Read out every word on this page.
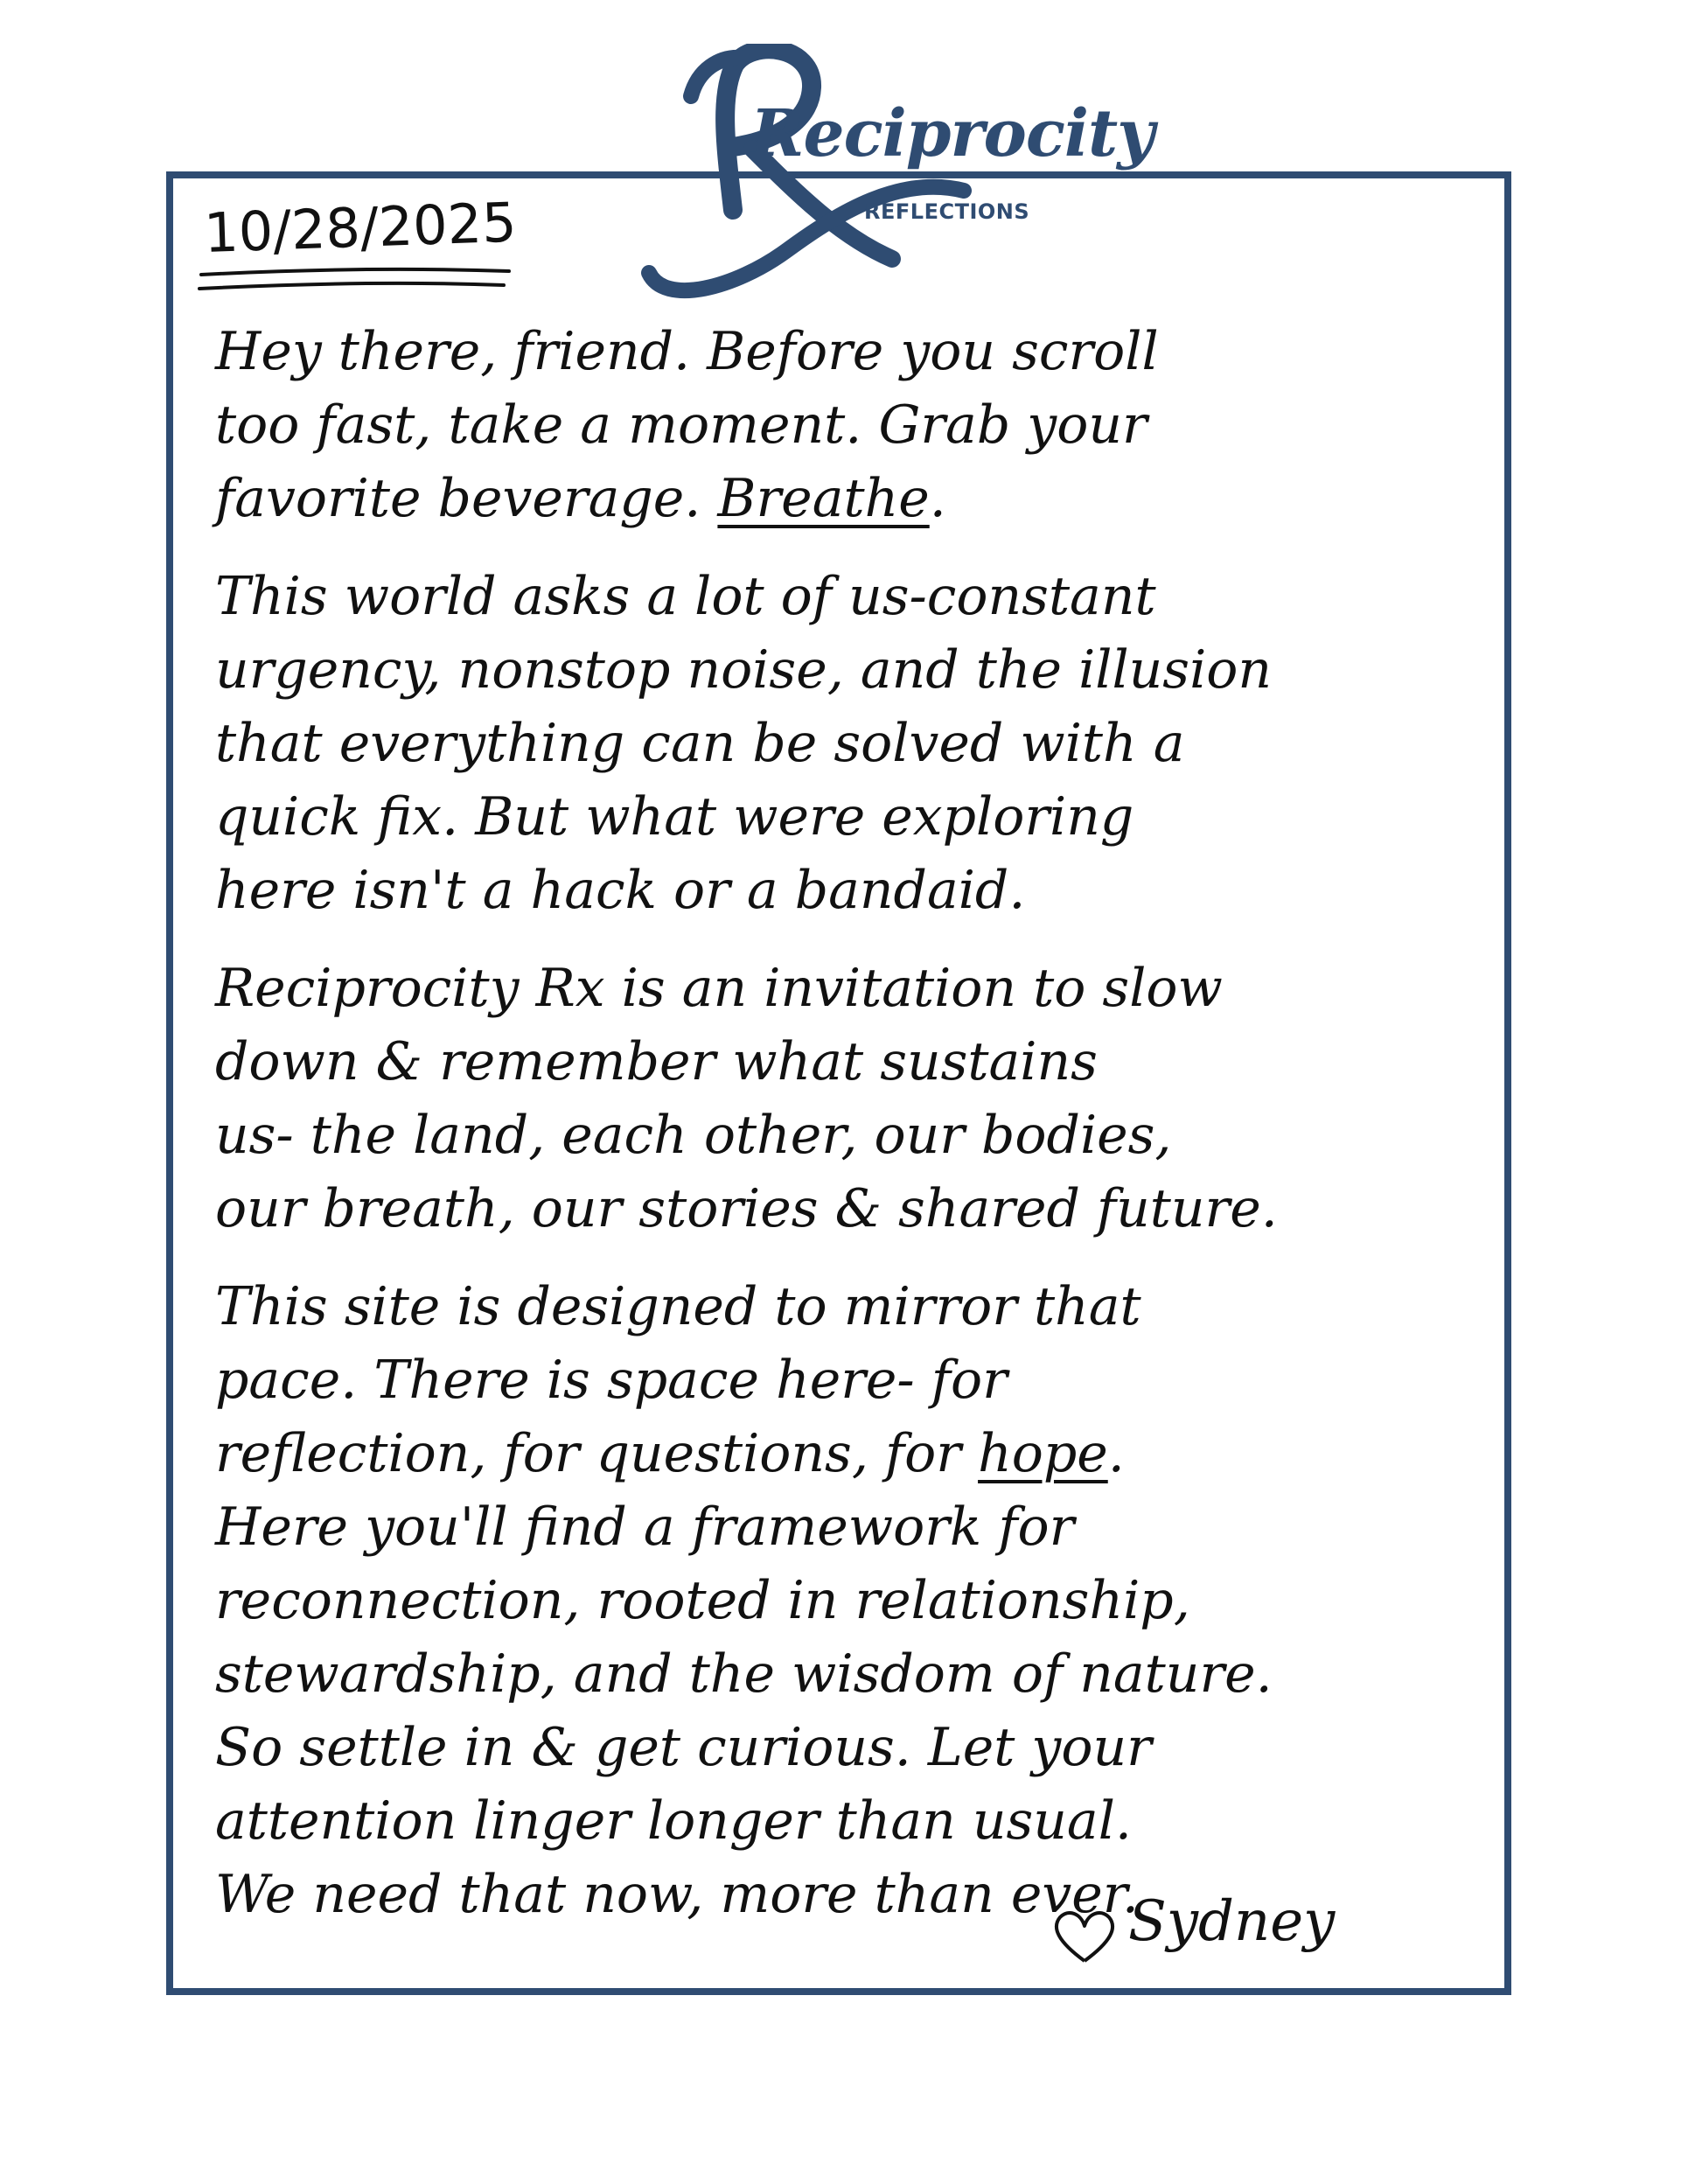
Reciprocity
REFLECTIONS
10/28/2025
Hey there, friend. Before you scroll
too fast, take a moment. Grab your
favorite beverage. Breathe.
This world asks a lot of us-constant
urgency, nonstop noise, and the illusion
that everything can be solved with a
quick fix. But what were exploring
here isn't a hack or a bandaid.
Reciprocity Rx is an invitation to slow
down & remember what sustains
us- the land, each other, our bodies,
our breath, our stories & shared future.
This site is designed to mirror that
pace. There is space here- for
reflection, for questions, for hope.
Here you'll find a framework for
reconnection, rooted in relationship,
stewardship, and the wisdom of nature.
So settle in & get curious. Let your
attention linger longer than usual.
We need that now, more than ever.
Sydney
